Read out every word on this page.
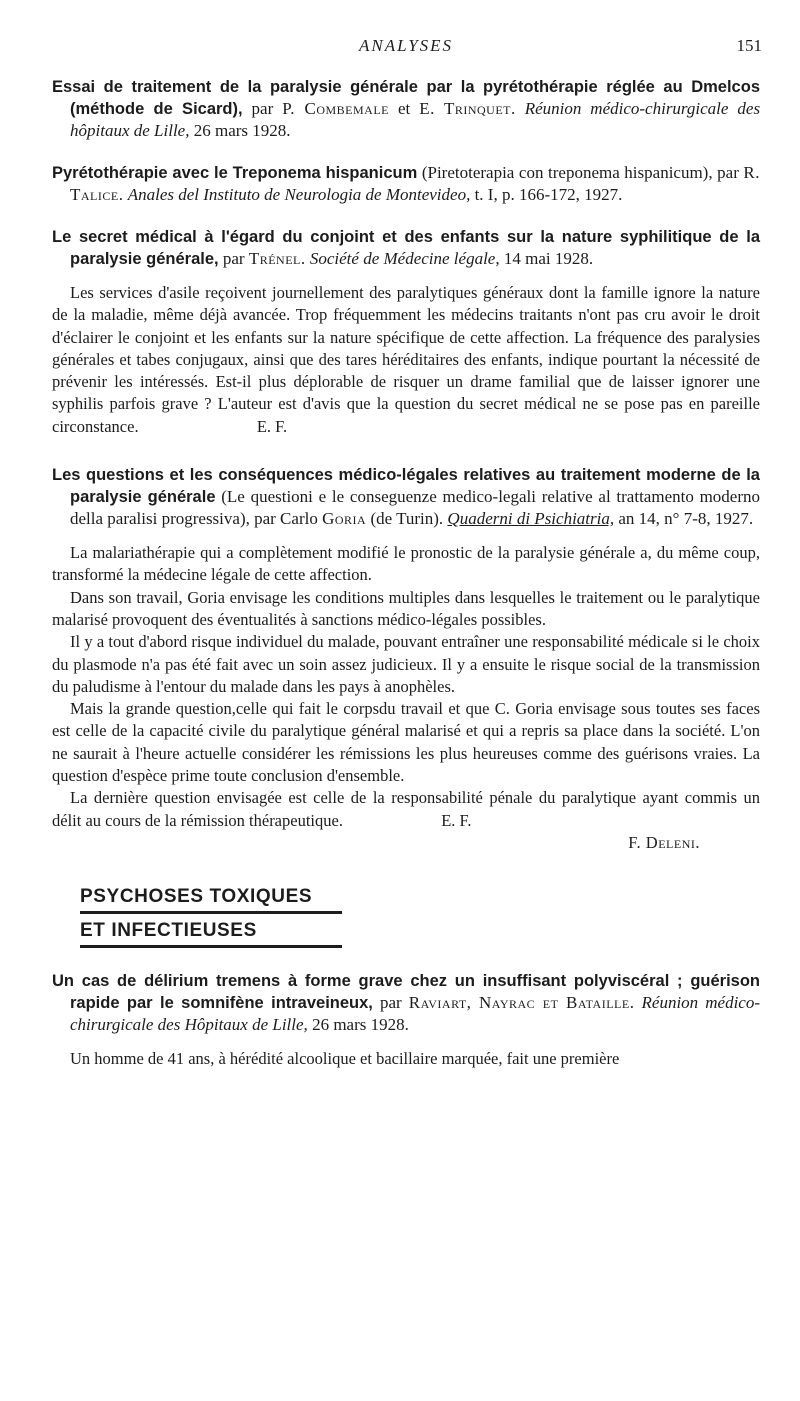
ANALYSES	151
Essai de traitement de la paralysie générale par la pyrétothérapie réglée au Dmelcos (méthode de Sicard), par P. Combemale et E. Trinquet. Réunion médico-chirurgicale des hôpitaux de Lille, 26 mars 1928.
Pyrétothérapie avec le Treponema hispanicum (Piretoterapia con treponema hispanicum), par R. Talice. Anales del Instituto de Neurologia de Montevideo, t. I, p. 166-172, 1927.
Le secret médical à l'égard du conjoint et des enfants sur la nature syphilitique de la paralysie générale, par Trénel. Société de Médecine légale, 14 mai 1928.

Les services d'asile reçoivent journellement des paralytiques généraux dont la famille ignore la nature de la maladie, même déjà avancée. Trop fréquemment les médecins traitants n'ont pas cru avoir le droit d'éclairer le conjoint et les enfants sur la nature spécifique de cette affection. La fréquence des paralysies générales et tabes conjugaux, ainsi que des tares héréditaires des enfants, indique pourtant la nécessité de prévenir les intéressés. Est-il plus déplorable de risquer un drame familial que de laisser ignorer une syphilis parfois grave ? L'auteur est d'avis que la question du secret médical ne se pose pas en pareille circonstance.	E. F.

Les questions et les conséquences médico-légales relatives au traitement moderne de la paralysie générale (Le questioni e le conseguenze medico-legali relative al trattamento moderno della paralisi progressiva), par Carlo Goria (de Turin). Quaderni di Psichiatria, an 14, n° 7-8, 1927.

La malariathérapie qui a complètement modifié le pronostic de la paralysie générale a, du même coup, transformé la médecine légale de cette affection.

Dans son travail, Goria envisage les conditions multiples dans lesquelles le traitement ou le paralytique malarisé provoquent des éventualités à sanctions médico-légales possibles.

Il y a tout d'abord risque individuel du malade, pouvant entraîner une responsabilité médicale si le choix du plasmode n'a pas été fait avec un soin assez judicieux. Il y a ensuite le risque social de la transmission du paludisme à l'entour du malade dans les pays à anophèles.

Mais la grande question,celle qui fait le corpsdu travail et que C. Goria envisage sous toutes ses faces est celle de la capacité civile du paralytique général malarisé et qui a repris sa place dans la société. L'on ne saurait à l'heure actuelle considérer les rémissions les plus heureuses comme des guérisons vraies. La question d'espèce prime toute conclusion d'ensemble.

La dernière question envisagée est celle de la responsabilité pénale du paralytique ayant commis un délit au cours de la rémission thérapeutique.	E. F.

F. Deleni.
PSYCHOSES TOXIQUES
ET INFECTIEUSES
Un cas de délirium tremens à forme grave chez un insuffisant polyviscéral ; guérison rapide par le somnifène intraveineux, par Raviart, Nayrac et Bataille. Réunion médico-chirurgicale des Hôpitaux de Lille, 26 mars 1928.

Un homme de 41 ans, à hérédité alcoolique et bacillaire marquée, fait une première
